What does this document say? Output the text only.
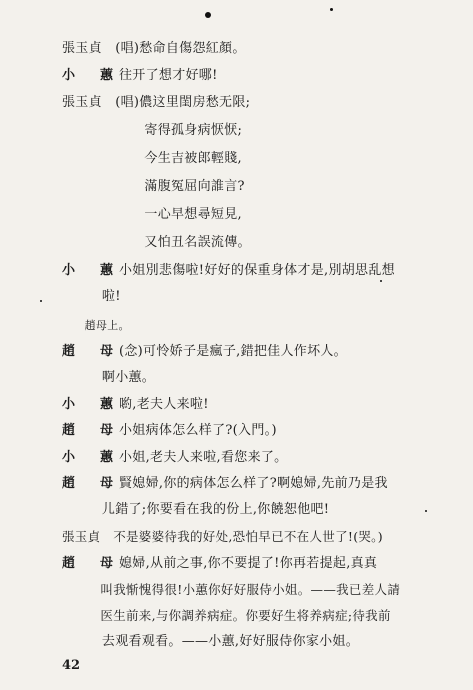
張玉貞　(唱)愁命自傷怨紅顏。
小　蕙 往开了想才好哪!
張玉貞　(唱)儂这里閨房愁无限;
　　　　　　　　寄得孤身病恹恹;
　　　　　　　　今生吉被郎輕賤,
　　　　　　　　滿腹冤屈向誰言?
　　　　　　　　一心早想尋短見,
　　　　　　　　又怕丑名誤流傳。
小　蕙 小姐別悲傷啦!好好的保重身体才是,別胡思乱想
　　　啦!
　　趙母上。
趙　母 (念)可怜娇子是瘋子,錯把佳人作坏人。
　　　啊小蕙。
小　蕙 喲,老夫人来啦!
趙　母 小姐病体怎么样了?(入門。)
小　蕙 小姐,老夫人来啦,看您来了。
趙　母 賢媳婦,你的病体怎么样了?啊媳婦,先前乃是我
　　　儿錯了;你要看在我的份上,你饒恕他吧!
張玉貞　不是婆婆待我的好处,恐怕早已不在人世了!(哭。)
趙　母 媳婦,从前之事,你不要提了!你再若提起,真真
　　　叫我惭愧得很!小蕙你好好服侍小姐。——我已差人請
　　　医生前来,与你調养病症。你要好生将养病症;待我前
　　　去观看观看。——小蕙,好好服侍你家小姐。
42
